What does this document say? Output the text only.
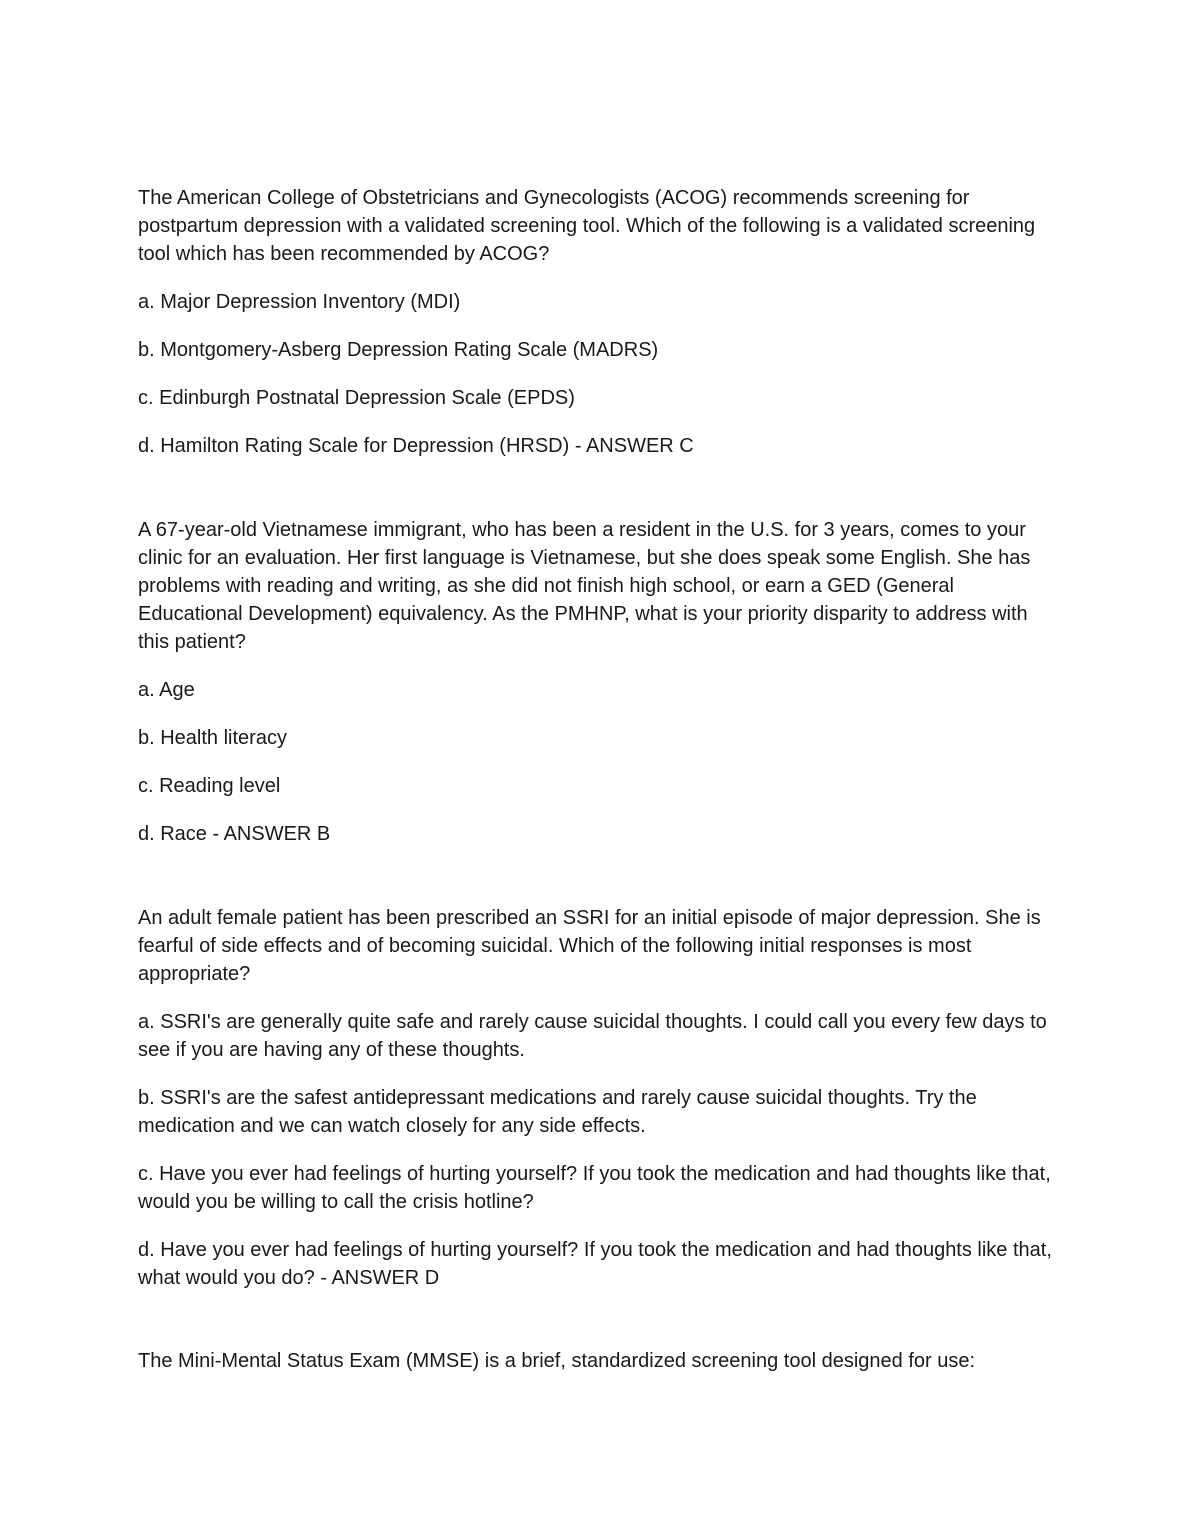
The American College of Obstetricians and Gynecologists (ACOG) recommends screening for postpartum depression with a validated screening tool. Which of the following is a validated screening tool which has been recommended by ACOG?

a. Major Depression Inventory (MDI)

b. Montgomery-Asberg Depression Rating Scale (MADRS)

c. Edinburgh Postnatal Depression Scale (EPDS)

d. Hamilton Rating Scale for Depression (HRSD) - ANSWER C

A 67-year-old Vietnamese immigrant, who has been a resident in the U.S. for 3 years, comes to your clinic for an evaluation. Her first language is Vietnamese, but she does speak some English. She has problems with reading and writing, as she did not finish high school, or earn a GED (General Educational Development) equivalency. As the PMHNP, what is your priority disparity to address with this patient?

a. Age

b. Health literacy

c. Reading level

d. Race - ANSWER B

An adult female patient has been prescribed an SSRI for an initial episode of major depression. She is fearful of side effects and of becoming suicidal. Which of the following initial responses is most appropriate?

a. SSRI's are generally quite safe and rarely cause suicidal thoughts. I could call you every few days to see if you are having any of these thoughts.

b. SSRI's are the safest antidepressant medications and rarely cause suicidal thoughts. Try the medication and we can watch closely for any side effects.

c. Have you ever had feelings of hurting yourself? If you took the medication and had thoughts like that, would you be willing to call the crisis hotline?

d. Have you ever had feelings of hurting yourself? If you took the medication and had thoughts like that, what would you do? - ANSWER D

The Mini-Mental Status Exam (MMSE) is a brief, standardized screening tool designed for use:
